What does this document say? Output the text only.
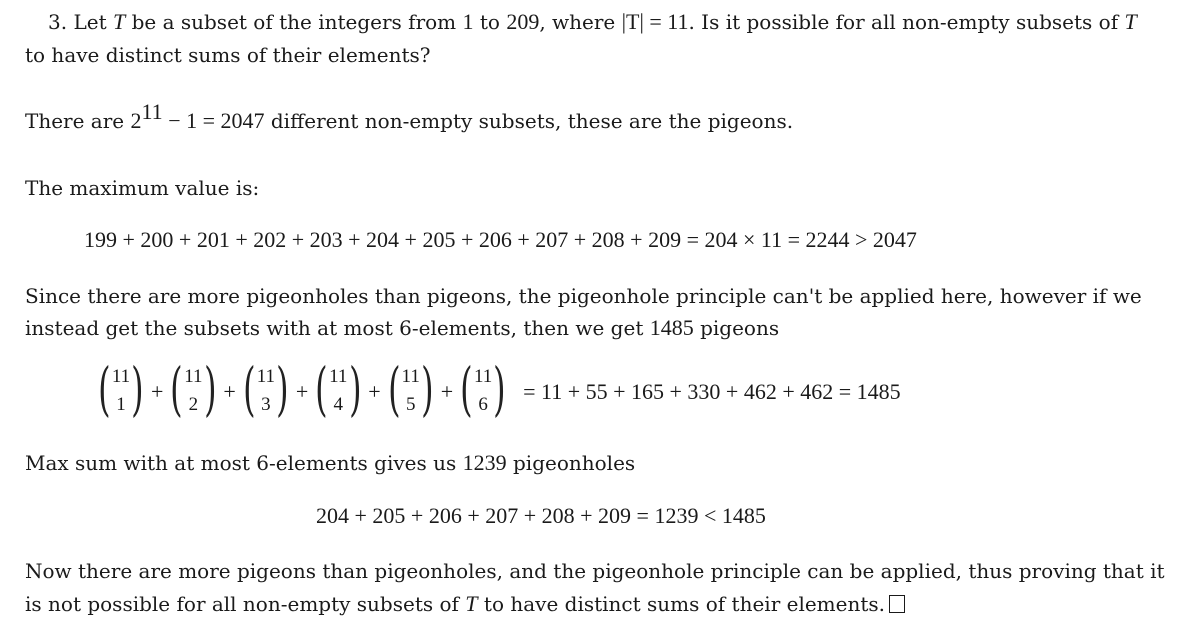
3. Let T be a subset of the integers from 1 to 209, where |T| = 11. Is it possible for all non-empty subsets of T
to have distinct sums of their elements?
There are $2^{11} - 1 = 2047$ different non-empty subsets, these are the pigeons.
The maximum value is:
199 + 200 + 201 + 202 + 203 + 204 + 205 + 206 + 207 + 208 + 209 = 204 × 11 = 2244 > 2047
Since there are more pigeonholes than pigeons, the pigeonhole principle can't be applied here, however if we
instead get the subsets with at most 6-elements, then we get 1485 pigeons
( 11
1 ) + ( 11
2 ) + ( 11
3 ) + ( 11
4 ) + ( 11
5 ) + ( 11
6 ) = 11 + 55 + 165 + 330 + 462 + 462 = 1485
Max sum with at most 6-elements gives us 1239 pigeonholes
204 + 205 + 206 + 207 + 208 + 209 = 1239 < 1485
Now there are more pigeons than pigeonholes, and the pigeonhole principle can be applied, thus proving that it
is not possible for all non-empty subsets of T to have distinct sums of their elements.
